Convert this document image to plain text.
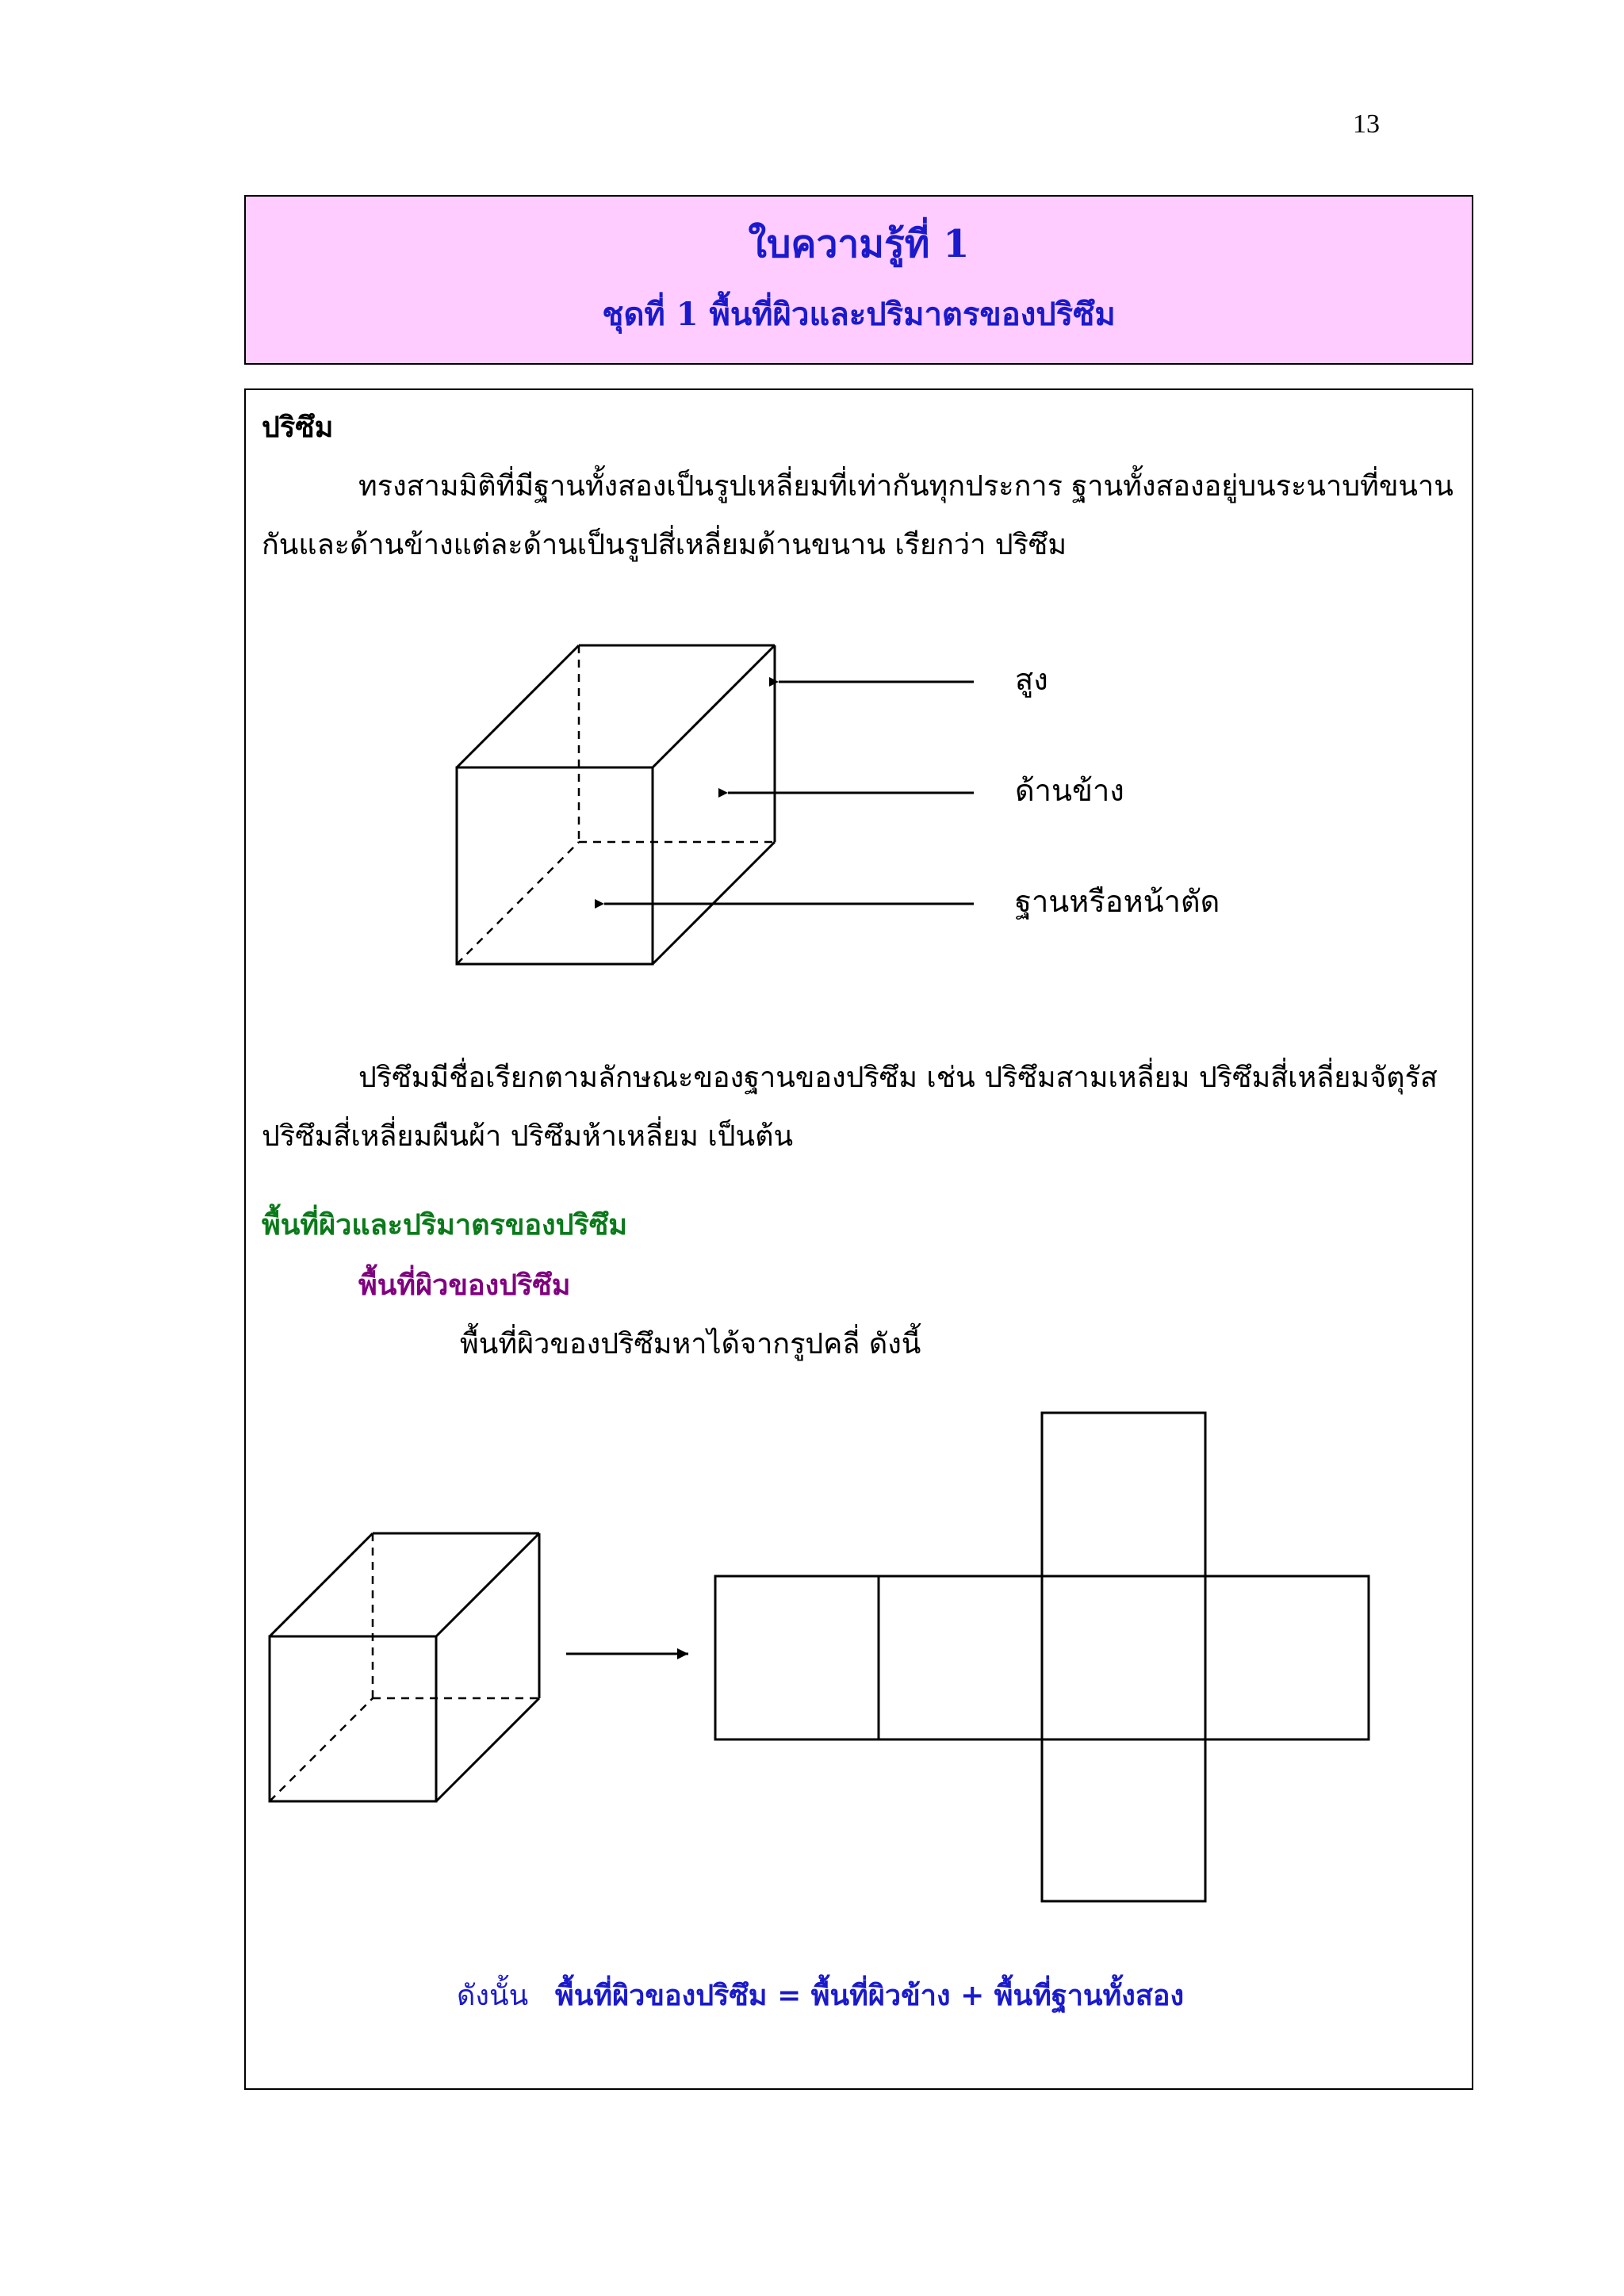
13
ใบความรู้ที่ 1
ชุดที่ 1 พื้นที่ผิวและปริมาตรของปริซึม
ปริซึม
ทรงสามมิติที่มีฐานทั้งสองเป็นรูปเหลี่ยมที่เท่ากันทุกประการ ฐานทั้งสองอยู่บนระนาบที่ขนาน
กันและด้านข้างแต่ละด้านเป็นรูปสี่เหลี่ยมด้านขนาน เรียกว่า ปริซึม
สูง
ด้านข้าง
ฐานหรือหน้าตัด
ปริซึมมีชื่อเรียกตามลักษณะของฐานของปริซึม เช่น ปริซึมสามเหลี่ยม ปริซึมสี่เหลี่ยมจัตุรัส
ปริซึมสี่เหลี่ยมผืนผ้า ปริซึมห้าเหลี่ยม เป็นต้น
พื้นที่ผิวและปริมาตรของปริซึม
พื้นที่ผิวของปริซึม
พื้นที่ผิวของปริซึมหาได้จากรูปคลี่ ดังนี้
ดังนั้น พื้นที่ผิวของปริซึม = พื้นที่ผิวข้าง + พื้นที่ฐานทั้งสอง
